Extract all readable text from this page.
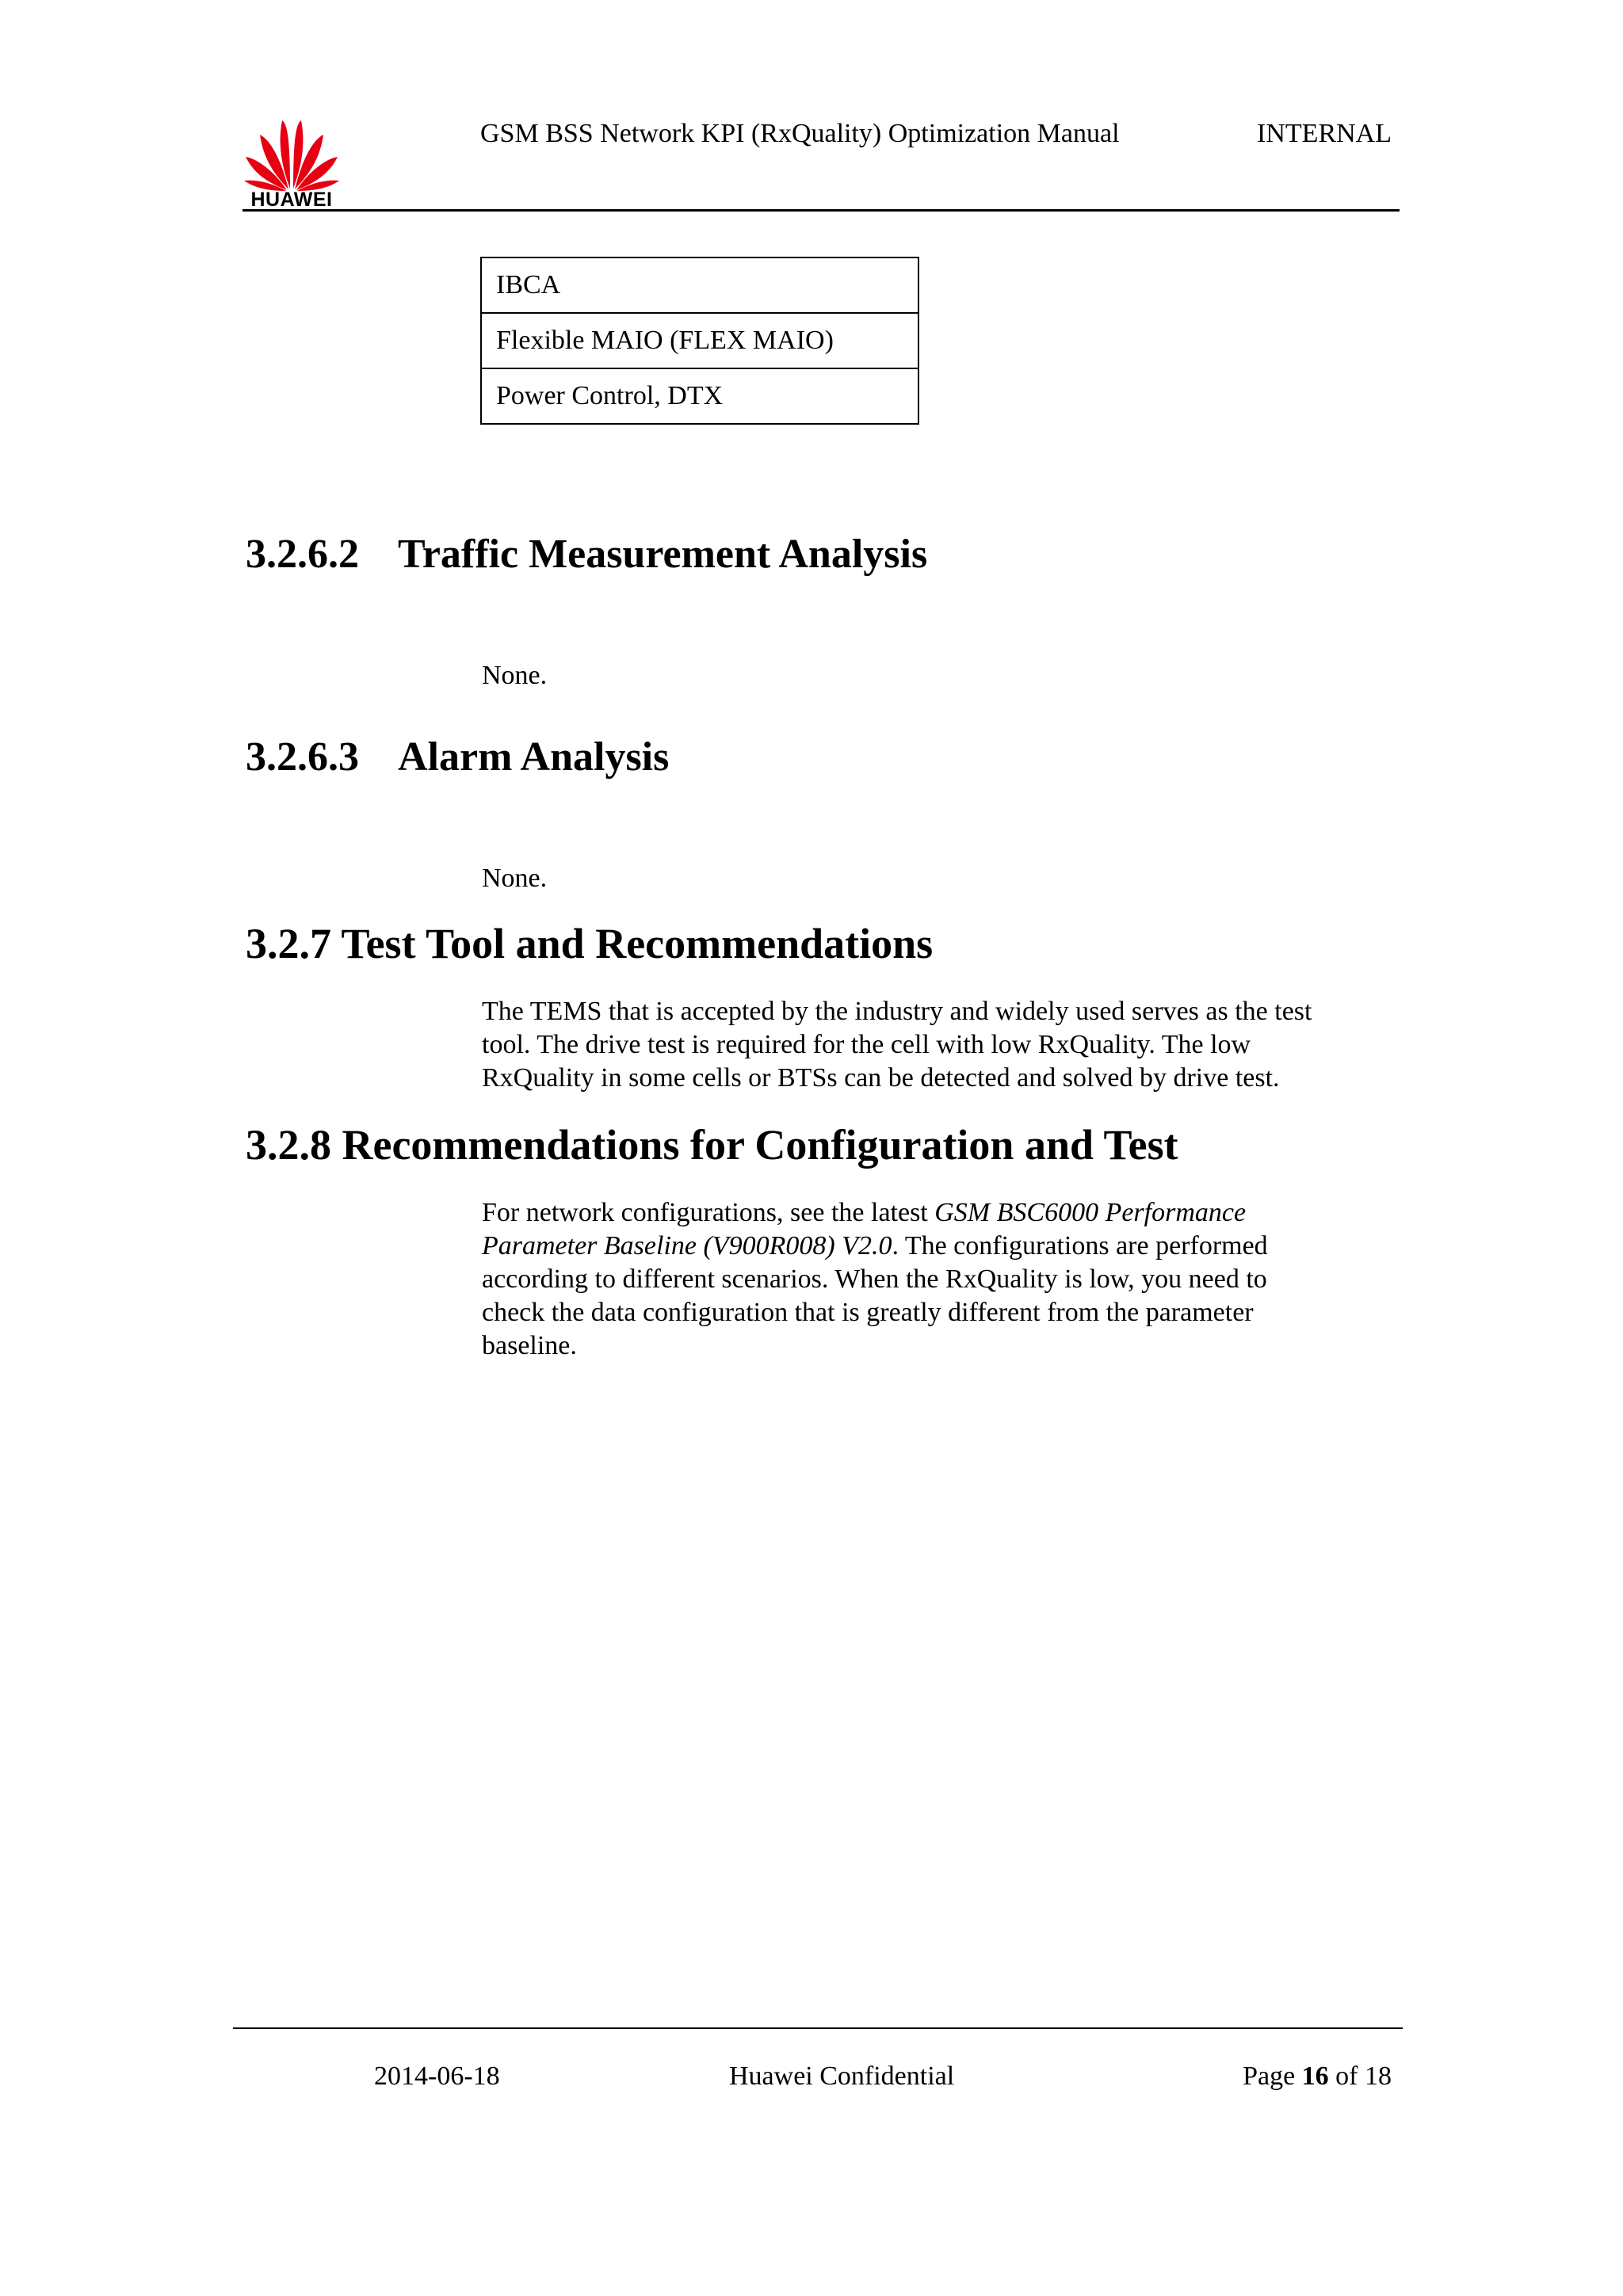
HUAWEI
GSM BSS Network KPI (RxQuality) Optimization Manual	INTERNAL
IBCA
Flexible MAIO (FLEX MAIO)
Power Control, DTX
3.2.6.2 Traffic Measurement Analysis

None.

3.2.6.3 Alarm Analysis

None.

3.2.7 Test Tool and Recommendations

The TEMS that is accepted by the industry and widely used serves as the test

tool. The drive test is required for the cell with low RxQuality. The low

RxQuality in some cells or BTSs can be detected and solved by drive test.

3.2.8 Recommendations for Configuration and Test

For network configurations, see the latest GSM BSC6000 Performance

Parameter Baseline (V900R008) V2.0. The configurations are performed

according to different scenarios. When the RxQuality is low, you need to

check the data configuration that is greatly different from the parameter

baseline.

2014-06-18	Huawei Confidential	Page 16 of 18
